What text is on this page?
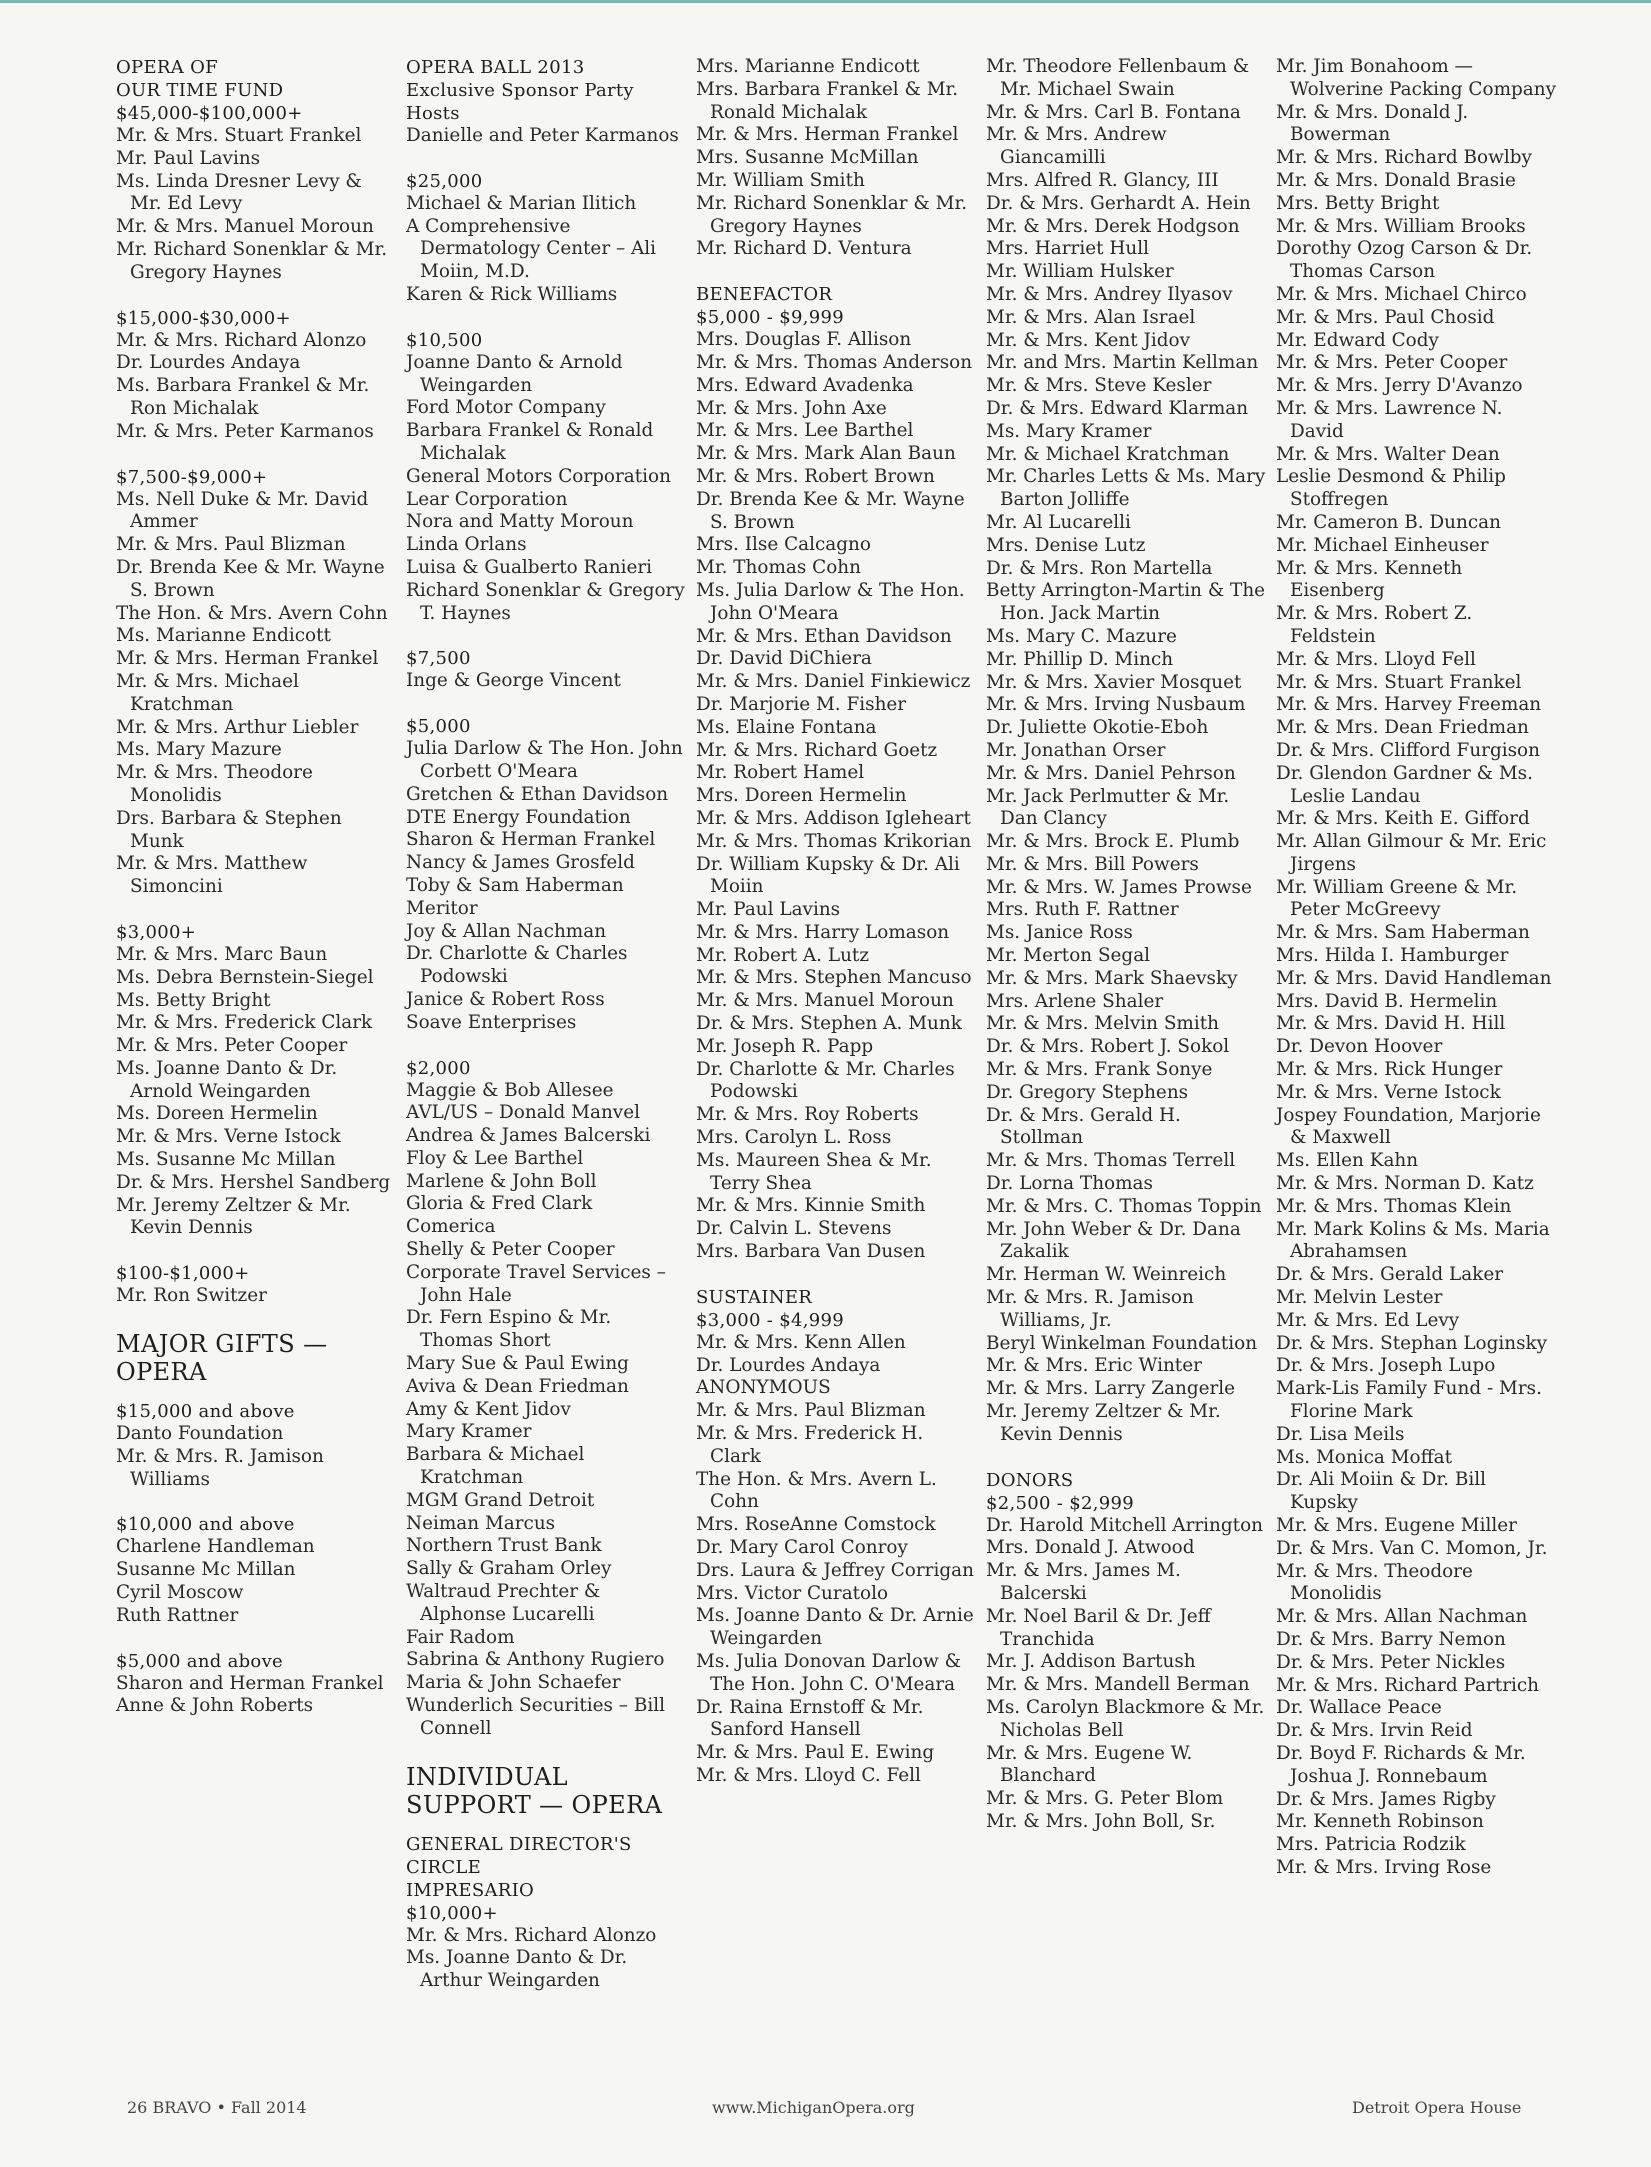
OPERA OF
OUR TIME FUND
$45,000-$100,000+
Mr. & Mrs. Stuart Frankel
Mr. Paul Lavins
Ms. Linda Dresner Levy & Mr. Ed Levy
Mr. & Mrs. Manuel Moroun
Mr. Richard Sonenklar & Mr. Gregory Haynes
$15,000-$30,000+
Mr. & Mrs. Richard Alonzo
Dr. Lourdes Andaya
Ms. Barbara Frankel & Mr. Ron Michalak
Mr. & Mrs. Peter Karmanos
$7,500-$9,000+
Ms. Nell Duke & Mr. David Ammer
Mr. & Mrs. Paul Blizman
Dr. Brenda Kee & Mr. Wayne S. Brown
The Hon. & Mrs. Avern Cohn
Ms. Marianne Endicott
Mr. & Mrs. Herman Frankel
Mr. & Mrs. Michael Kratchman
Mr. & Mrs. Arthur Liebler
Ms. Mary Mazure
Mr. & Mrs. Theodore Monolidis
Drs. Barbara & Stephen Munk
Mr. & Mrs. Matthew Simoncini
$3,000+
Mr. & Mrs. Marc Baun
Ms. Debra Bernstein-Siegel
Ms. Betty Bright
Mr. & Mrs. Frederick Clark
Mr. & Mrs. Peter Cooper
Ms. Joanne Danto & Dr. Arnold Weingarden
Ms. Doreen Hermelin
Mr. & Mrs. Verne Istock
Ms. Susanne Mc Millan
Dr. & Mrs. Hershel Sandberg
Mr. Jeremy Zeltzer & Mr. Kevin Dennis
$100-$1,000+
Mr. Ron Switzer
MAJOR GIFTS —
OPERA
$15,000 and above
Danto Foundation
Mr. & Mrs. R. Jamison Williams
$10,000 and above
Charlene Handleman
Susanne Mc Millan
Cyril Moscow
Ruth Rattner
$5,000 and above
Sharon and Herman Frankel
Anne & John Roberts
OPERA BALL 2013
Exclusive Sponsor Party
Hosts
Danielle and Peter Karmanos
$25,000
Michael & Marian Ilitich
A Comprehensive Dermatology Center – Ali Moiin, M.D.
Karen & Rick Williams
$10,500
Joanne Danto & Arnold Weingarden
Ford Motor Company
Barbara Frankel & Ronald Michalak
General Motors Corporation
Lear Corporation
Nora and Matty Moroun
Linda Orlans
Luisa & Gualberto Ranieri
Richard Sonenklar & Gregory T. Haynes
$7,500
Inge & George Vincent
$5,000
Julia Darlow & The Hon. John Corbett O'Meara
Gretchen & Ethan Davidson
DTE Energy Foundation
Sharon & Herman Frankel
Nancy & James Grosfeld
Toby & Sam Haberman
Meritor
Joy & Allan Nachman
Dr. Charlotte & Charles Podowski
Janice & Robert Ross
Soave Enterprises
$2,000
Maggie & Bob Allesee
AVL/US – Donald Manvel
Andrea & James Balcerski
Floy & Lee Barthel
Marlene & John Boll
Gloria & Fred Clark
Comerica
Shelly & Peter Cooper
Corporate Travel Services – John Hale
Dr. Fern Espino & Mr. Thomas Short
Mary Sue & Paul Ewing
Aviva & Dean Friedman
Amy & Kent Jidov
Mary Kramer
Barbara & Michael Kratchman
MGM Grand Detroit
Neiman Marcus
Northern Trust Bank
Sally & Graham Orley
Waltraud Prechter & Alphonse Lucarelli
Fair Radom
Sabrina & Anthony Rugiero
Maria & John Schaefer
Wunderlich Securities – Bill Connell
INDIVIDUAL
SUPPORT — OPERA
GENERAL DIRECTOR'S
CIRCLE
IMPRESARIO
$10,000+
Mr. & Mrs. Richard Alonzo
Ms. Joanne Danto & Dr. Arthur Weingarden
Mrs. Marianne Endicott
Mrs. Barbara Frankel & Mr. Ronald Michalak
Mr. & Mrs. Herman Frankel
Mrs. Susanne McMillan
Mr. William Smith
Mr. Richard Sonenklar & Mr. Gregory Haynes
Mr. Richard D. Ventura
BENEFACTOR
$5,000 - $9,999
Mrs. Douglas F. Allison
Mr. & Mrs. Thomas Anderson
Mrs. Edward Avadenka
Mr. & Mrs. John Axe
Mr. & Mrs. Lee Barthel
Mr. & Mrs. Mark Alan Baun
Mr. & Mrs. Robert Brown
Dr. Brenda Kee & Mr. Wayne S. Brown
Mrs. Ilse Calcagno
Mr. Thomas Cohn
Ms. Julia Darlow & The Hon. John O'Meara
Mr. & Mrs. Ethan Davidson
Dr. David DiChiera
Mr. & Mrs. Daniel Finkiewicz
Dr. Marjorie M. Fisher
Ms. Elaine Fontana
Mr. & Mrs. Richard Goetz
Mr. Robert Hamel
Mrs. Doreen Hermelin
Mr. & Mrs. Addison Igleheart
Mr. & Mrs. Thomas Krikorian
Dr. William Kupsky & Dr. Ali Moiin
Mr. Paul Lavins
Mr. & Mrs. Harry Lomason
Mr. Robert A. Lutz
Mr. & Mrs. Stephen Mancuso
Mr. & Mrs. Manuel Moroun
Dr. & Mrs. Stephen A. Munk
Mr. Joseph R. Papp
Dr. Charlotte & Mr. Charles Podowski
Mr. & Mrs. Roy Roberts
Mrs. Carolyn L. Ross
Ms. Maureen Shea & Mr. Terry Shea
Mr. & Mrs. Kinnie Smith
Dr. Calvin L. Stevens
Mrs. Barbara Van Dusen
SUSTAINER
$3,000 - $4,999
Mr. & Mrs. Kenn Allen
Dr. Lourdes Andaya
ANONYMOUS
Mr. & Mrs. Paul Blizman
Mr. & Mrs. Frederick H. Clark
The Hon. & Mrs. Avern L. Cohn
Mrs. RoseAnne Comstock
Dr. Mary Carol Conroy
Drs. Laura & Jeffrey Corrigan
Mrs. Victor Curatolo
Ms. Joanne Danto & Dr. Arnie Weingarden
Ms. Julia Donovan Darlow & The Hon. John C. O'Meara
Dr. Raina Ernstoff & Mr. Sanford Hansell
Mr. & Mrs. Paul E. Ewing
Mr. & Mrs. Lloyd C. Fell
Mr. Theodore Fellenbaum & Mr. Michael Swain
Mr. & Mrs. Carl B. Fontana
Mr. & Mrs. Andrew Giancamilli
Mrs. Alfred R. Glancy, III
Dr. & Mrs. Gerhardt A. Hein
Mr. & Mrs. Derek Hodgson
Mrs. Harriet Hull
Mr. William Hulsker
Mr. & Mrs. Andrey Ilyasov
Mr. & Mrs. Alan Israel
Mr. & Mrs. Kent Jidov
Mr. and Mrs. Martin Kellman
Mr. & Mrs. Steve Kesler
Dr. & Mrs. Edward Klarman
Ms. Mary Kramer
Mr. & Michael Kratchman
Mr. Charles Letts & Ms. Mary Barton Jolliffe
Mr. Al Lucarelli
Mrs. Denise Lutz
Dr. & Mrs. Ron Martella
Betty Arrington-Martin & The Hon. Jack Martin
Ms. Mary C. Mazure
Mr. Phillip D. Minch
Mr. & Mrs. Xavier Mosquet
Mr. & Mrs. Irving Nusbaum
Dr. Juliette Okotie-Eboh
Mr. Jonathan Orser
Mr. & Mrs. Daniel Pehrson
Mr. Jack Perlmutter & Mr. Dan Clancy
Mr. & Mrs. Brock E. Plumb
Mr. & Mrs. Bill Powers
Mr. & Mrs. W. James Prowse
Mrs. Ruth F. Rattner
Ms. Janice Ross
Mr. Merton Segal
Mr. & Mrs. Mark Shaevsky
Mrs. Arlene Shaler
Mr. & Mrs. Melvin Smith
Dr. & Mrs. Robert J. Sokol
Mr. & Mrs. Frank Sonye
Dr. Gregory Stephens
Dr. & Mrs. Gerald H. Stollman
Mr. & Mrs. Thomas Terrell
Dr. Lorna Thomas
Mr. & Mrs. C. Thomas Toppin
Mr. John Weber & Dr. Dana Zakalik
Mr. Herman W. Weinreich
Mr. & Mrs. R. Jamison Williams, Jr.
Beryl Winkelman Foundation
Mr. & Mrs. Eric Winter
Mr. & Mrs. Larry Zangerle
Mr. Jeremy Zeltzer & Mr. Kevin Dennis
DONORS
$2,500 - $2,999
Dr. Harold Mitchell Arrington
Mrs. Donald J. Atwood
Mr. & Mrs. James M. Balcerski
Mr. Noel Baril & Dr. Jeff Tranchida
Mr. J. Addison Bartush
Mr. & Mrs. Mandell Berman
Ms. Carolyn Blackmore & Mr. Nicholas Bell
Mr. & Mrs. Eugene W. Blanchard
Mr. & Mrs. G. Peter Blom
Mr. & Mrs. John Boll, Sr.
Mr. Jim Bonahoom — Wolverine Packing Company
Mr. & Mrs. Donald J. Bowerman
Mr. & Mrs. Richard Bowlby
Mr. & Mrs. Donald Brasie
Mrs. Betty Bright
Mr. & Mrs. William Brooks
Dorothy Ozog Carson & Dr. Thomas Carson
Mr. & Mrs. Michael Chirco
Mr. & Mrs. Paul Chosid
Mr. Edward Cody
Mr. & Mrs. Peter Cooper
Mr. & Mrs. Jerry D'Avanzo
Mr. & Mrs. Lawrence N. David
Mr. & Mrs. Walter Dean
Leslie Desmond & Philip Stoffregen
Mr. Cameron B. Duncan
Mr. Michael Einheuser
Mr. & Mrs. Kenneth Eisenberg
Mr. & Mrs. Robert Z. Feldstein
Mr. & Mrs. Lloyd Fell
Mr. & Mrs. Stuart Frankel
Mr. & Mrs. Harvey Freeman
Mr. & Mrs. Dean Friedman
Dr. & Mrs. Clifford Furgison
Dr. Glendon Gardner & Ms. Leslie Landau
Mr. & Mrs. Keith E. Gifford
Mr. Allan Gilmour & Mr. Eric Jirgens
Mr. William Greene & Mr. Peter McGreevy
Mr. & Mrs. Sam Haberman
Mrs. Hilda I. Hamburger
Mr. & Mrs. David Handleman
Mrs. David B. Hermelin
Mr. & Mrs. David H. Hill
Dr. Devon Hoover
Mr. & Mrs. Rick Hunger
Mr. & Mrs. Verne Istock
Jospey Foundation, Marjorie & Maxwell
Ms. Ellen Kahn
Mr. & Mrs. Norman D. Katz
Mr. & Mrs. Thomas Klein
Mr. Mark Kolins & Ms. Maria Abrahamsen
Dr. & Mrs. Gerald Laker
Mr. Melvin Lester
Mr. & Mrs. Ed Levy
Dr. & Mrs. Stephan Loginsky
Dr. & Mrs. Joseph Lupo
Mark-Lis Family Fund - Mrs. Florine Mark
Dr. Lisa Meils
Ms. Monica Moffat
Dr. Ali Moiin & Dr. Bill Kupsky
Mr. & Mrs. Eugene Miller
Dr. & Mrs. Van C. Momon, Jr.
Mr. & Mrs. Theodore Monolidis
Mr. & Mrs. Allan Nachman
Dr. & Mrs. Barry Nemon
Dr. & Mrs. Peter Nickles
Mr. & Mrs. Richard Partrich
Dr. Wallace Peace
Dr. & Mrs. Irvin Reid
Dr. Boyd F. Richards & Mr. Joshua J. Ronnebaum
Dr. & Mrs. James Rigby
Mr. Kenneth Robinson
Mrs. Patricia Rodzik
Mr. & Mrs. Irving Rose
26 BRAVO • Fall 2014	www.MichiganOpera.org	Detroit Opera House
